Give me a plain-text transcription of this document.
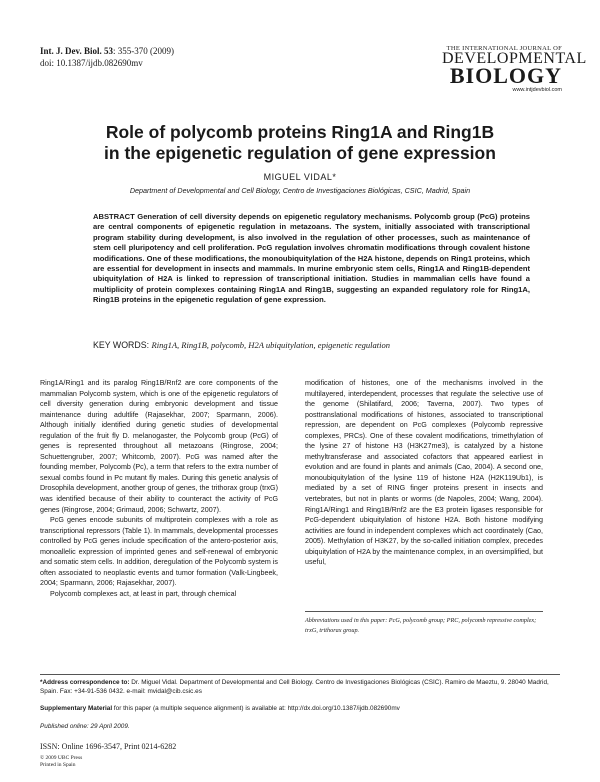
Int. J. Dev. Biol. 53: 355-370 (2009)
doi: 10.1387/ijdb.082690mv
THE INTERNATIONAL JOURNAL OF
DEVELOPMENTAL
BIOLOGY
www.intjdevbiol.com
Role of polycomb proteins Ring1A and Ring1B
in the epigenetic regulation of gene expression
MIGUEL VIDAL*
Department of Developmental and Cell Biology, Centro de Investigaciones Biológicas, CSIC, Madrid, Spain
ABSTRACT Generation of cell diversity depends on epigenetic regulatory mechanisms. Polycomb group (PcG) proteins are central components of epigenetic regulation in metazoans. The system, initially associated with transcriptional program stability during development, is also involved in the regulation of other processes, such as maintenance of stem cell pluripotency and cell proliferation. PcG regulation involves chromatin modifications through covalent histone modifications. One of these modifications, the monoubiquitylation of the H2A histone, depends on Ring1 proteins, which are essential for development in insects and mammals. In murine embryonic stem cells, Ring1A and Ring1B-dependent ubiquitylation of H2A is linked to repression of transcriptional initiation. Studies in mammalian cells have found a multiplicity of protein complexes containing Ring1A and Ring1B, suggesting an expanded regulatory role for Ring1A, Ring1B proteins in the epigenetic regulation of gene expression.
KEY WORDS: Ring1A, Ring1B, polycomb, H2A ubiquitylation, epigenetic regulation

Ring1A/Ring1 and its paralog Ring1B/Rnf2 are core components of the mammalian Polycomb system, which is one of the epigenetic regulators of cell diversity generation during embryonic development and tissue maintenance during adultlife (Rajasekhar, 2007; Sparmann, 2006). Although initially identified during genetic studies of developmental regulation of the fruit fly D. melanogaster, the Polycomb group (PcG) of genes is represented throughout all metazoans (Ringrose, 2004; Schuettengruber, 2007; Whitcomb, 2007). PcG was named after the founding member, Polycomb (Pc), a term that refers to the extra number of sexual combs found in Pc mutant fly males. During this genetic analysis of Drosophila development, another group of genes, the trithorax group (trxG) was identified because of their ability to counteract the activity of PcG genes (Ringrose, 2004; Grimaud, 2006; Schwartz, 2007).

PcG genes encode subunits of multiprotein complexes with a role as transcriptional repressors (Table 1). In mammals, developmental processes controlled by PcG genes include specification of the antero-posterior axis, monoallelic expression of imprinted genes and self-renewal of embryonic and somatic stem cells. In addition, deregulation of the Polycomb system is often associated to neoplastic events and tumor formation (Valk-Lingbeek, 2004; Sparmann, 2006; Rajasekhar, 2007).

Polycomb complexes act, at least in part, through chemical

modification of histones, one of the mechanisms involved in the multilayered, interdependent, processes that regulate the selective use of the genome (Shilatifard, 2006; Taverna, 2007). Two types of posttranslational modifications of histones, associated to transcriptional repression, are dependent on PcG complexes (Polycomb repressive complexes, PRCs). One of these covalent modifications, trimethylation of the lysine 27 of histone H3 (H3K27me3), is catalyzed by a histone methyltransferase and associated cofactors that appeared earliest in evolution and are found in plants and animals (Cao, 2004). A second one, monoubiquitylation of the lysine 119 of histone H2A (H2K119Ub1), is mediated by a set of RING finger proteins present in insects and vertebrates, but not in plants or worms (de Napoles, 2004; Wang, 2004). Ring1A/Ring1 and Ring1B/Rnf2 are the E3 protein ligases responsible for PcG-dependent ubiquitylation of histone H2A. Both histone modifying activities are found in independent complexes which act coordinately (Cao, 2005). Methylation of H3K27, by the so-called initiation complex, precedes ubiquitylation of H2A by the maintenance complex, in an oversimplified, but useful,

Abbreviations used in this paper: PcG, polycomb group; PRC, polycomb repressive complex; trxG, trithorax group.
*Address correspondence to: Dr. Miguel Vidal. Department of Developmental and Cell Biology. Centro de Investigaciones Biológicas (CSIC). Ramiro de Maeztu, 9. 28040 Madrid, Spain. Fax: +34-91-536 0432. e-mail: mvidal@cib.csic.es
Supplementary Material for this paper (a multiple sequence alignment) is available at: http://dx.doi.org/10.1387/ijdb.082690mv
Published online: 29 April 2009.
ISSN: Online 1696-3547, Print 0214-6282
© 2009 UBC Press
Printed in Spain
